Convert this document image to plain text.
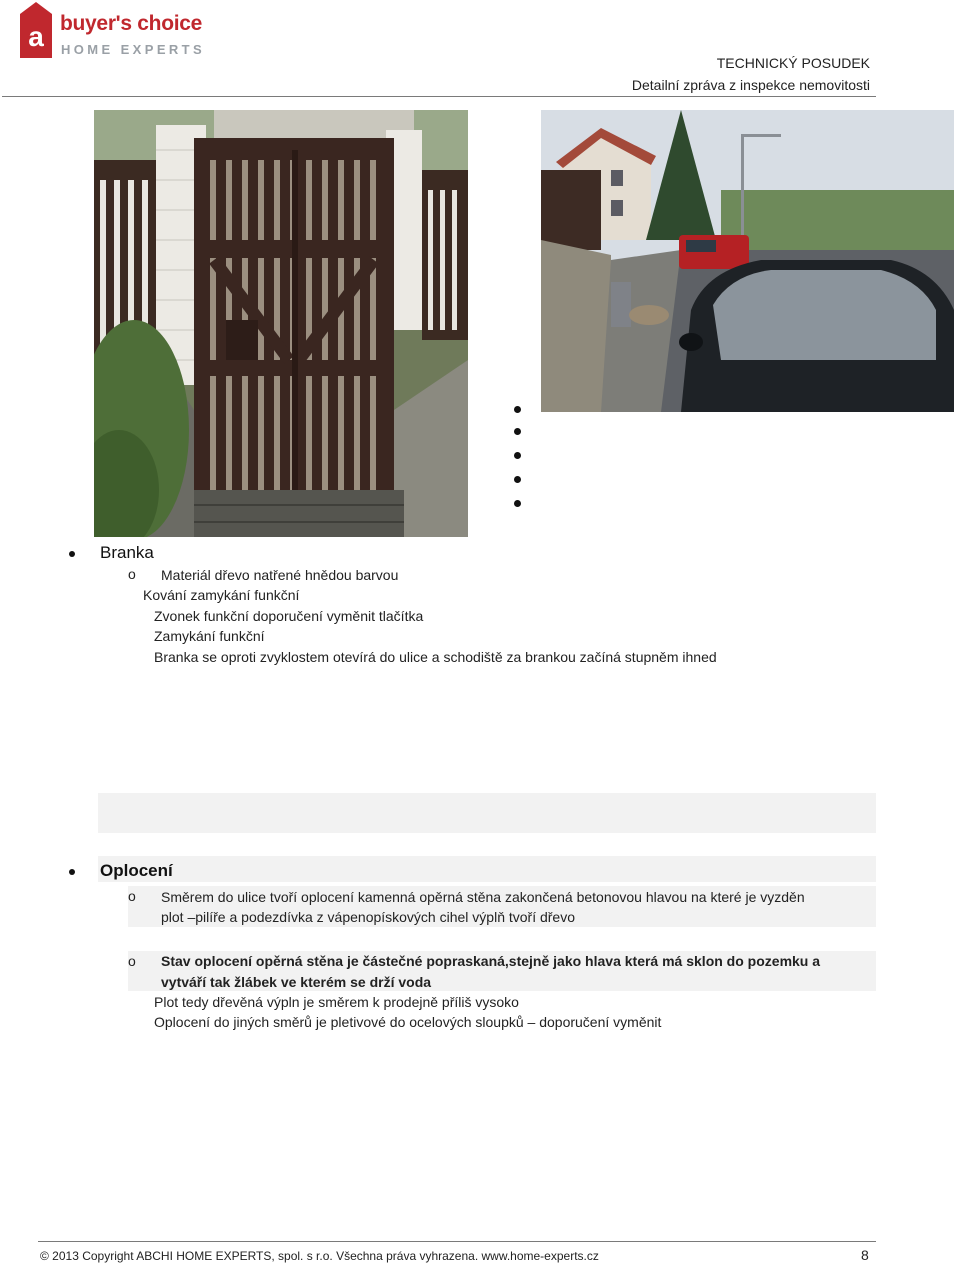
a buyer's choice
HOME EXPERTS
TECHNICKÝ POSUDEK
Detailní zpráva z inspekce nemovitosti
Branka
o Materiál dřevo natřené hnědou barvou
Kování zamykání funkční
Zvonek funkční doporučení vyměnit tlačítka
Zamykání funkční
Branka se oproti zvyklostem otevírá do ulice a schodiště za brankou začíná stupněm ihned
Oplocení
o Směrem do ulice tvoří oplocení kamenná opěrná stěna zakončená betonovou hlavou na které je vyzděn
plot –pilíře a podezdívka z vápenopískových cihel výplň tvoří dřevo
o Stav oplocení opěrná stěna je částečné popraskaná,stejně jako hlava která má sklon do pozemku a
vytváří tak žlábek ve kterém se drží voda
Plot tedy dřevěná výpln je směrem k prodejně příliš vysoko
Oplocení do jiných směrů je pletivové do ocelových sloupků – doporučení vyměnit
© 2013 Copyright ABCHI HOME EXPERTS, spol. s r.o. Všechna práva vyhrazena. www.home-experts.cz	8
